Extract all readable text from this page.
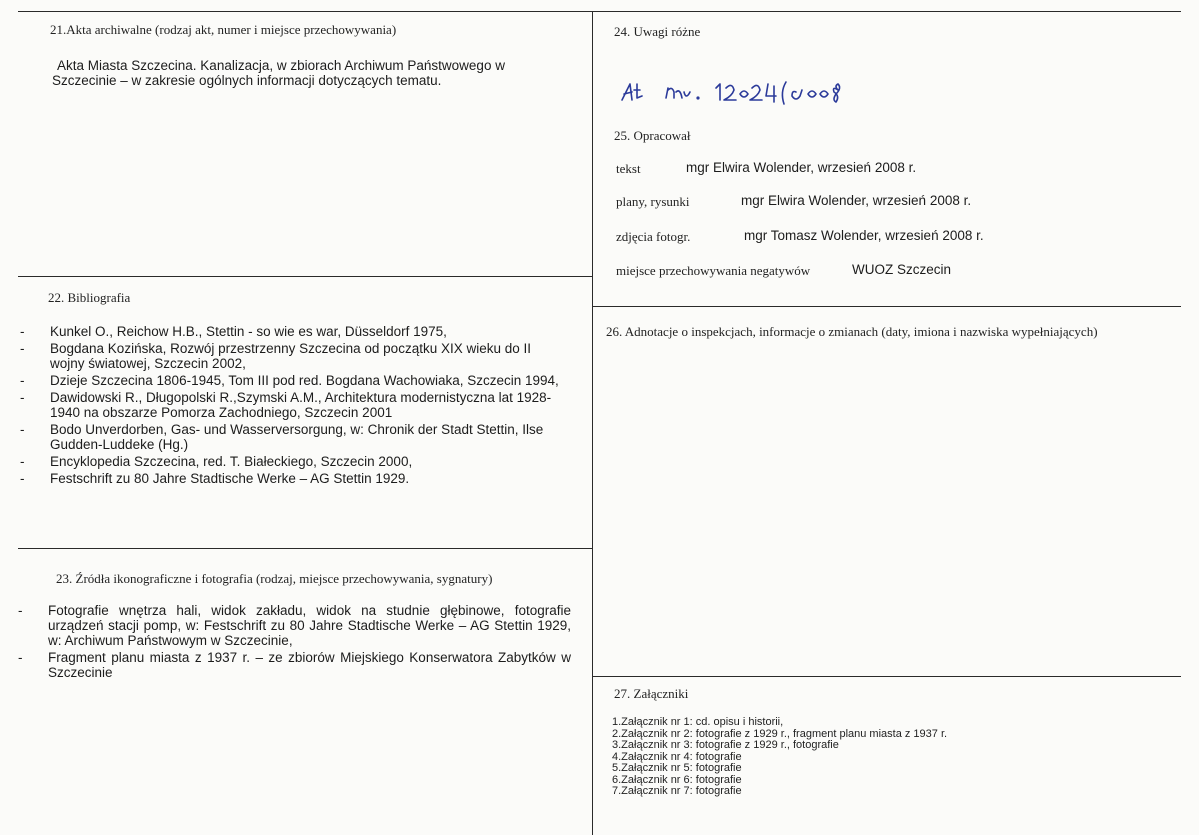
21.Akta archiwalne (rodzaj akt, numer i miejsce przechowywania)
Akta Miasta Szczecina. Kanalizacja, w zbiorach Archiwum Państwowego w Szczecinie – w zakresie ogólnych informacji dotyczących tematu.
22. Bibliografia
- Kunkel O., Reichow H.B., Stettin - so wie es war, Düsseldorf 1975,
- Bogdana Kozińska, Rozwój przestrzenny Szczecina od początku XIX wieku do II wojny światowej, Szczecin 2002,
- Dzieje Szczecina 1806-1945, Tom III pod red. Bogdana Wachowiaka, Szczecin 1994,
- Dawidowski R., Długopolski R.,Szymski A.M., Architektura modernistyczna lat 1928-1940 na obszarze Pomorza Zachodniego, Szczecin 2001
- Bodo Unverdorben, Gas- und Wasserversorgung, w: Chronik der Stadt Stettin, Ilse Gudden-Luddeke (Hg.)
- Encyklopedia Szczecina, red. T. Białeckiego, Szczecin 2000,
- Festschrift zu 80 Jahre Stadtische Werke – AG Stettin 1929.
23. Źródła ikonograficzne i fotografia (rodzaj, miejsce przechowywania, sygnatury)
- Fotografie wnętrza hali, widok zakładu, widok na studnie głębinowe, fotografie urządzeń stacji pomp, w: Festschrift zu 80 Jahre Stadtische Werke – AG Stettin 1929, w: Archiwum Państwowym w Szczecinie,
- Fragment planu miasta z 1937 r. – ze zbiorów Miejskiego Konserwatora Zabytków w Szczecinie
24. Uwagi różne
25. Opracował
tekst	mgr Elwira Wolender, wrzesień 2008 r.
plany, rysunki	mgr Elwira Wolender, wrzesień 2008 r.
zdjęcia fotogr.	mgr Tomasz Wolender, wrzesień 2008 r.
miejsce przechowywania negatywów	WUOZ Szczecin
26. Adnotacje o inspekcjach, informacje o zmianach (daty, imiona i nazwiska wypełniających)
27. Załączniki
1.Załącznik nr 1: cd. opisu i historii,
2.Załącznik nr 2: fotografie z 1929 r., fragment planu miasta z 1937 r.
3.Załącznik nr 3: fotografie z 1929 r., fotografie
4.Załącznik nr 4: fotografie
5.Załącznik nr 5: fotografie
6.Załącznik nr 6: fotografie
7.Załącznik nr 7: fotografie
